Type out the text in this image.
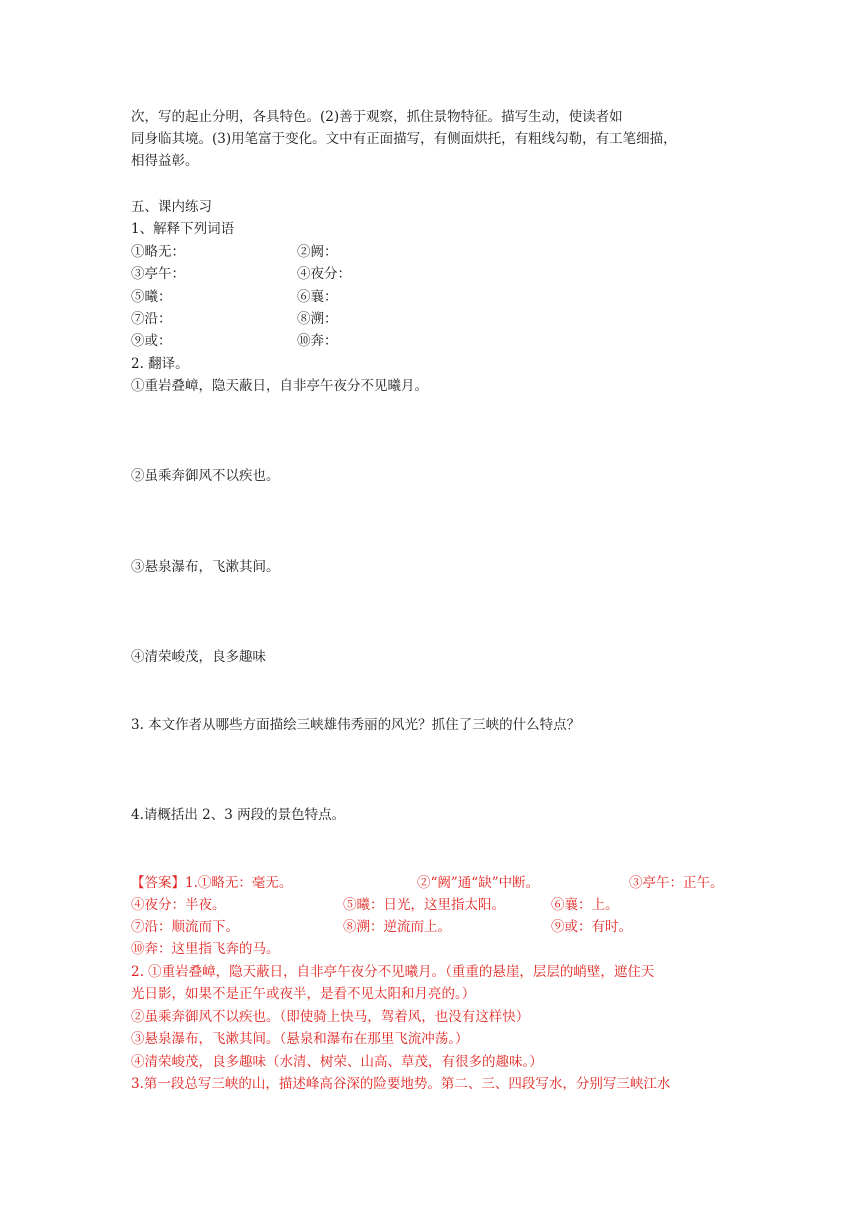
次，写的起止分明，各具特色。(2)善于观察，抓住景物特征。描写生动，使读者如
同身临其境。(3)用笔富于变化。文中有正面描写，有侧面烘托，有粗线勾勒，有工笔细描，
相得益彰。
五、课内练习
1、解释下列词语
①略无：	②阙：
③亭午：	④夜分：
⑤曦：	⑥襄：
⑦沿：	⑧溯：
⑨或：	⑩奔：
2. 翻译。
①重岩叠嶂，隐天蔽日，自非亭午夜分不见曦月。
②虽乘奔御风不以疾也。
③悬泉瀑布，飞漱其间。
④清荣峻茂，良多趣味
3. 本文作者从哪些方面描绘三峡雄伟秀丽的风光？抓住了三峡的什么特点？
4.请概括出 2、3 两段的景色特点。
【答案】1.①略无：毫无。	②“阙”通“缺”中断。	③亭午：正午。
④夜分：半夜。	⑤曦：日光，这里指太阳。	⑥襄：上。
⑦沿：顺流而下。	⑧溯：逆流而上。	⑨或：有时。
⑩奔：这里指飞奔的马。
2. ①重岩叠嶂，隐天蔽日，自非亭午夜分不见曦月。（重重的悬崖，层层的峭壁，遮住天
光日影，如果不是正午或夜半，是看不见太阳和月亮的。）
②虽乘奔御风不以疾也。（即使骑上快马，驾着风，也没有这样快）
③悬泉瀑布，飞漱其间。（悬泉和瀑布在那里飞流冲荡。）
④清荣峻茂，良多趣味（水清、树荣、山高、草茂，有很多的趣味。）
3.第一段总写三峡的山，描述峰高谷深的险要地势。第二、三、四段写水，分别写三峡江水
